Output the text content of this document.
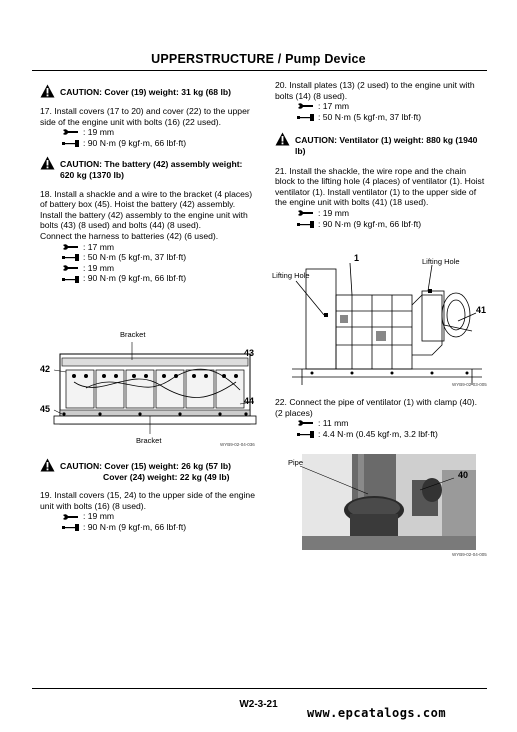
UPPERSTRUCTURE / Pump Device
CAUTION: Cover (19) weight: 31 kg (68 lb)
17. Install covers (17 to 20) and cover (22) to the upper side of the engine unit with bolts (16) (22 used).
: 19 mm
: 90 N·m (9 kgf·m, 66 lbf·ft)
CAUTION: The battery (42) assembly weight:
620 kg (1370 lb)
18. Install a shackle and a wire to the bracket (4 places) of battery box (45). Hoist the battery (42) assembly. Install the battery (42) assembly to the engine unit with bolts (43) (8 used) and bolts (44) (8 used).
Connect the harness to batteries (42) (6 used).
: 17 mm
: 50 N·m (5 kgf·m, 37 lbf·ft)
: 19 mm
: 90 N·m (9 kgf·m, 66 lbf·ft)
Bracket
Bracket
42
43
44
45
WYB9-02-04-036
CAUTION: Cover (15) weight: 26 kg (57 lb)
Cover (24) weight: 22 kg (49 lb)
19. Install covers (15, 24) to the upper side of the engine unit with bolts (16) (8 used).
: 19 mm
: 90 N·m (9 kgf·m, 66 lbf·ft)
20. Install plates (13) (2 used) to the engine unit with bolts (14) (8 used).
: 17 mm
: 50 N·m (5 kgf·m, 37 lbf·ft)
CAUTION: Ventilator (1) weight: 880 kg (1940
lb)
21. Install the shackle, the wire rope and the chain block to the lifting hole (4 places) of ventilator (1). Hoist ventilator (1). Install ventilator (1) to the upper side of the engine unit with bolts (41) (18 used).
: 19 mm
: 90 N·m (9 kgf·m, 66 lbf·ft)
Lifting Hole
Lifting Hole
1
41
WYB9-02-03-005
22. Connect the pipe of ventilator (1) with clamp (40). (2 places)
: 11 mm
: 4.4 N·m (0.45 kgf·m, 3.2 lbf·ft)
Pipe
40
WYB9-02-04-005
W2-3-21
www.epcatalogs.com
